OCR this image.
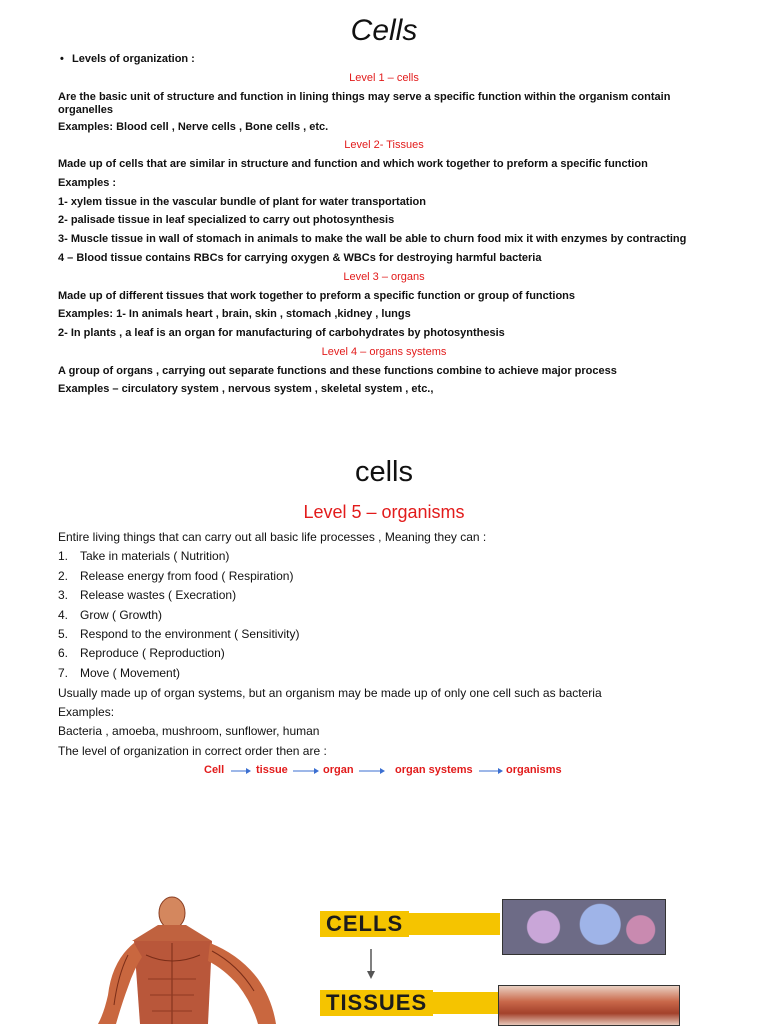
Cells
• Levels of organization :
Level 1 – cells
Are the basic unit of structure and function in lining things may serve a specific function within the organism contain organelles
Examples: Blood cell , Nerve cells , Bone cells , etc.
Level 2- Tissues
Made up of cells that are similar in structure and function and which work together to preform a specific function
Examples :
1- xylem tissue in the vascular bundle of plant for water transportation
2- palisade tissue in leaf specialized to carry out photosynthesis
3- Muscle tissue in wall of stomach in animals to make the wall be able to churn food mix it with enzymes by contracting
4 – Blood tissue contains RBCs for carrying oxygen & WBCs for destroying harmful bacteria
Level 3 – organs
Made up of different tissues that work together to preform a specific function or group of functions
Examples: 1- In animals heart , brain, skin , stomach ,kidney , lungs
2- In plants , a leaf is an organ for manufacturing of carbohydrates by photosynthesis
Level 4 – organs systems
A group of organs , carrying out separate functions and these functions combine to achieve major process
Examples – circulatory system , nervous system , skeletal system , etc.,
cells
Level 5 – organisms
Entire living things that can carry out all basic life processes , Meaning they can :
1. Take in materials ( Nutrition)
2. Release energy from food ( Respiration)
3. Release wastes ( Execration)
4. Grow ( Growth)
5. Respond to the environment ( Sensitivity)
6. Reproduce ( Reproduction)
7. Move ( Movement)
Usually made up of organ systems, but an organism may be made up of only one cell such as bacteria
Examples:
Bacteria , amoeba, mushroom, sunflower, human
The level of organization in correct order then are :
Cell	tissue	organ	organ systems	organisms
CELLS
TISSUES
